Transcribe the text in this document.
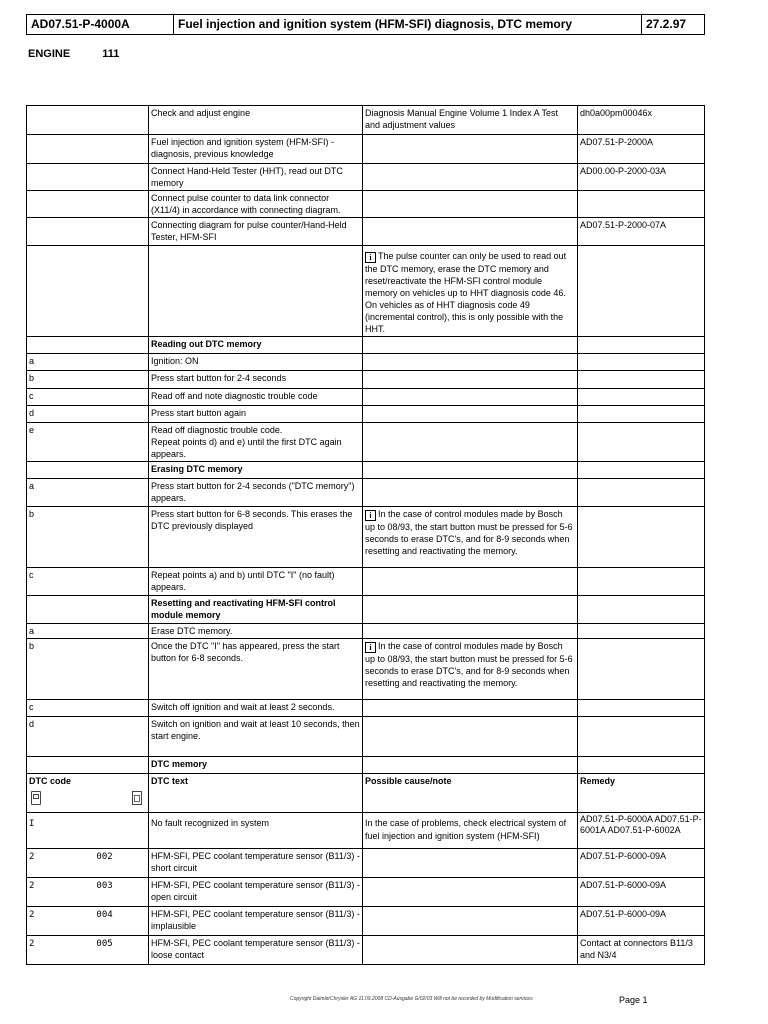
AD07.51-P-4000A	Fuel injection and ignition system (HFM-SFI) diagnosis, DTC memory	27.2.97
ENGINE	111
	Check and adjust engine	Diagnosis Manual Engine Volume 1 Index A Test and adjustment values	dh0a00pm00046x
	Fuel injection and ignition system (HFM-SFI) - diagnosis, previous knowledge		AD07.51-P-2000A
	Connect Hand-Held Tester (HHT), read out DTC memory		AD00.00-P-2000-03A
	Connect pulse counter to data link connector (X11/4) in accordance with connecting diagram.		
	Connecting diagram for pulse counter/Hand-Held Tester, HFM-SFI		AD07.51-P-2000-07A
		i The pulse counter can only be used to read out the DTC memory, erase the DTC memory and reset/reactivate the HFM-SFI control module memory on vehicles up to HHT diagnosis code 46. On vehicles as of HHT diagnosis code 49 (incremental control), this is only possible with the HHT.	
	Reading out DTC memory		
a	Ignition: ON		
b	Press start button for 2-4 seconds		
c	Read off and note diagnostic trouble code		
d	Press start button again		
e	Read off diagnostic trouble code.
Repeat points d) and e) until the first DTC again appears.		

	Erasing DTC memory		
a	Press start button for 2-4 seconds ("DTC memory") appears.		
b	Press start button for 6-8 seconds. This erases the DTC previously displayed	i In the case of control modules made by Bosch up to 08/93, the start button must be pressed for 5-6 seconds to erase DTC's, and for 8-9 seconds when resetting and reactivating the memory.	
c	Repeat points a) and b) until DTC "I" (no fault) appears.		
	Resetting and reactivating HFM-SFI control module memory		
a	Erase DTC memory.		
b	Once the DTC "I" has appeared, press the start button for 6-8 seconds.	i In the case of control modules made by Bosch up to 08/93, the start button must be pressed for 5-6 seconds to erase DTC's, and for 8-9 seconds when resetting and reactivating the memory.	
c	Switch off ignition and wait at least 2 seconds.		
d	Switch on ignition and wait at least 10 seconds, then start engine.		
	DTC memory		

DTC code	DTC text	Possible cause/note	Remedy
I	No fault recognized in system	In the case of problems, check electrical system of fuel injection and ignition system (HFM-SFI)	AD07.51-P-6000A AD07.51-P-6001A AD07.51-P-6002A
2 002	HFM-SFI, PEC coolant temperature sensor (B11/3) - short circuit		AD07.51-P-6000-09A
2 003	HFM-SFI, PEC coolant temperature sensor (B11/3) - open circuit		AD07.51-P-6000-09A
2 004	HFM-SFI, PEC coolant temperature sensor (B11/3) - implausible		AD07.51-P-6000-09A
2 005	HFM-SFI, PEC coolant temperature sensor (B11/3) - loose contact		Contact at connectors B11/3 and N3/4
Copyright DaimlerChrysler AG 11.09.2008 CD-Ausgabe G/02/03 Will not be recorded by Modification services	Page 1
